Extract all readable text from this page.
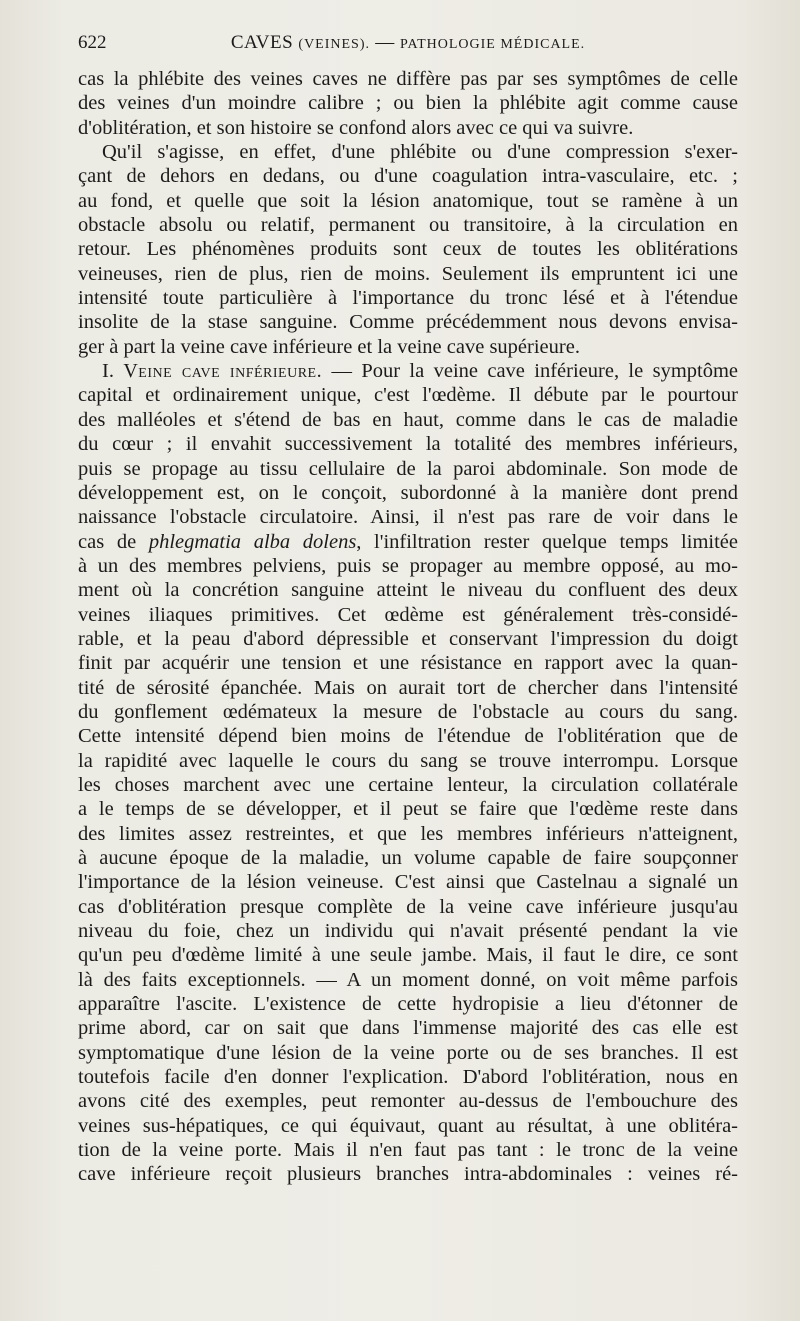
622	CAVES (VEINES). — PATHOLOGIE MÉDICALE.
cas la phlébite des veines caves ne diffère pas par ses symptômes de celle
des veines d'un moindre calibre ; ou bien la phlébite agit comme cause
d'oblitération, et son histoire se confond alors avec ce qui va suivre.
Qu'il s'agisse, en effet, d'une phlébite ou d'une compression s'exer-
çant de dehors en dedans, ou d'une coagulation intra-vasculaire, etc. ;
au fond, et quelle que soit la lésion anatomique, tout se ramène à un
obstacle absolu ou relatif, permanent ou transitoire, à la circulation en
retour. Les phénomènes produits sont ceux de toutes les oblitérations
veineuses, rien de plus, rien de moins. Seulement ils empruntent ici une
intensité toute particulière à l'importance du tronc lésé et à l'étendue
insolite de la stase sanguine. Comme précédemment nous devons envisa-
ger à part la veine cave inférieure et la veine cave supérieure.
I. Veine cave inférieure. — Pour la veine cave inférieure, le symptôme
capital et ordinairement unique, c'est l'œdème. Il débute par le pourtour
des malléoles et s'étend de bas en haut, comme dans le cas de maladie
du cœur ; il envahit successivement la totalité des membres inférieurs,
puis se propage au tissu cellulaire de la paroi abdominale. Son mode de
développement est, on le conçoit, subordonné à la manière dont prend
naissance l'obstacle circulatoire. Ainsi, il n'est pas rare de voir dans le
cas de phlegmatia alba dolens, l'infiltration rester quelque temps limitée
à un des membres pelviens, puis se propager au membre opposé, au mo-
ment où la concrétion sanguine atteint le niveau du confluent des deux
veines iliaques primitives. Cet œdème est généralement très-considé-
rable, et la peau d'abord dépressible et conservant l'impression du doigt
finit par acquérir une tension et une résistance en rapport avec la quan-
tité de sérosité épanchée. Mais on aurait tort de chercher dans l'intensité
du gonflement œdémateux la mesure de l'obstacle au cours du sang.
Cette intensité dépend bien moins de l'étendue de l'oblitération que de
la rapidité avec laquelle le cours du sang se trouve interrompu. Lorsque
les choses marchent avec une certaine lenteur, la circulation collatérale
a le temps de se développer, et il peut se faire que l'œdème reste dans
des limites assez restreintes, et que les membres inférieurs n'atteignent,
à aucune époque de la maladie, un volume capable de faire soupçonner
l'importance de la lésion veineuse. C'est ainsi que Castelnau a signalé un
cas d'oblitération presque complète de la veine cave inférieure jusqu'au
niveau du foie, chez un individu qui n'avait présenté pendant la vie
qu'un peu d'œdème limité à une seule jambe. Mais, il faut le dire, ce sont
là des faits exceptionnels. — A un moment donné, on voit même parfois
apparaître l'ascite. L'existence de cette hydropisie a lieu d'étonner de
prime abord, car on sait que dans l'immense majorité des cas elle est
symptomatique d'une lésion de la veine porte ou de ses branches. Il est
toutefois facile d'en donner l'explication. D'abord l'oblitération, nous en
avons cité des exemples, peut remonter au-dessus de l'embouchure des
veines sus-hépatiques, ce qui équivaut, quant au résultat, à une oblitéra-
tion de la veine porte. Mais il n'en faut pas tant : le tronc de la veine
cave inférieure reçoit plusieurs branches intra-abdominales : veines ré-
